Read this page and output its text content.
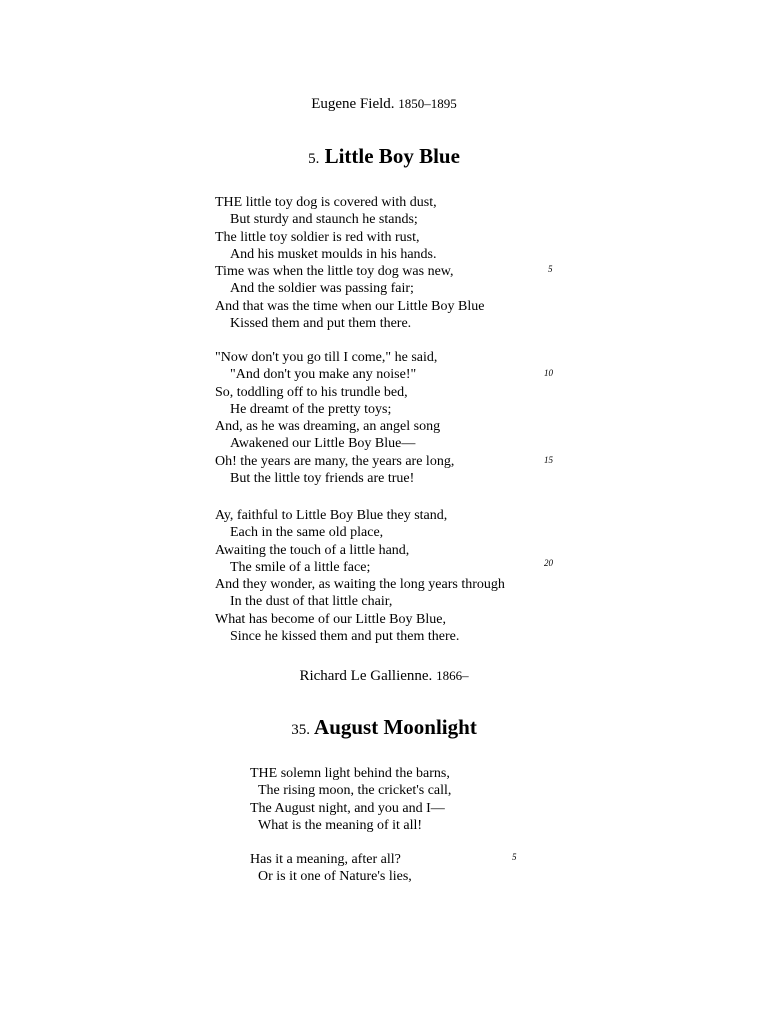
Eugene Field. 1850–1895
5. Little Boy Blue
THE little toy dog is covered with dust,
But sturdy and staunch he stands;
The little toy soldier is red with rust,
And his musket moulds in his hands.
Time was when the little toy dog was new,
And the soldier was passing fair;
And that was the time when our Little Boy Blue
Kissed them and put them there.
"Now don't you go till I come," he said,
"And don't you make any noise!"
So, toddling off to his trundle bed,
He dreamt of the pretty toys;
And, as he was dreaming, an angel song
Awakened our Little Boy Blue—
Oh! the years are many, the years are long,
But the little toy friends are true!
Ay, faithful to Little Boy Blue they stand,
Each in the same old place,
Awaiting the touch of a little hand,
The smile of a little face;
And they wonder, as waiting the long years through
In the dust of that little chair,
What has become of our Little Boy Blue,
Since he kissed them and put them there.
5
10
15
20
Richard Le Gallienne. 1866–
35. August Moonlight
THE solemn light behind the barns,
The rising moon, the cricket's call,
The August night, and you and I—
What is the meaning of it all!
Has it a meaning, after all?
Or is it one of Nature's lies,
5
